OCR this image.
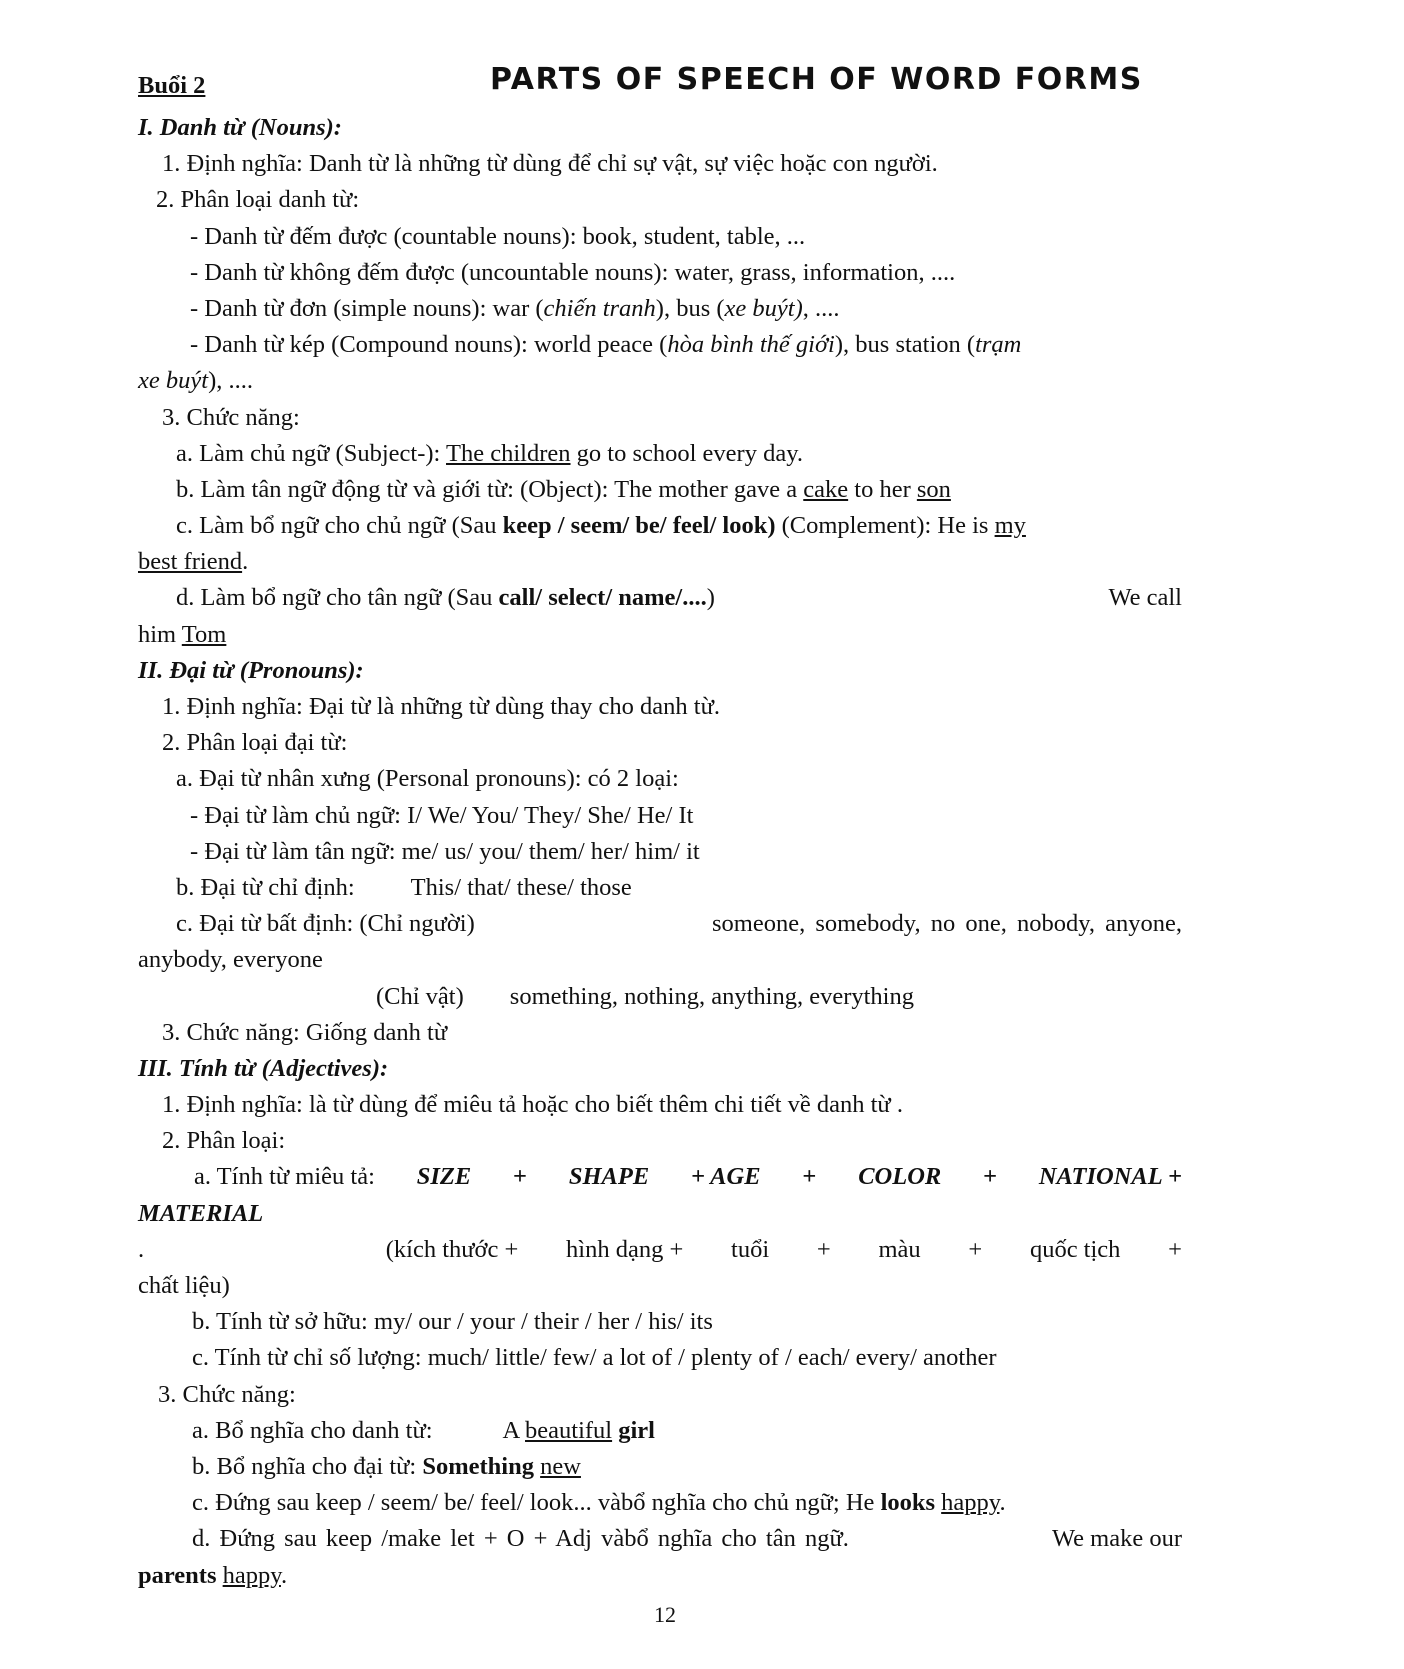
Buổi 2	PARTS OF SPEECH OF WORD FORMS
I. Danh từ (Nouns):
1. Định nghĩa: Danh từ là những từ dùng để chỉ sự vật, sự việc hoặc con người.
2. Phân loại danh từ:
- Danh từ đếm được (countable nouns): book, student, table, ...
- Danh từ không đếm được (uncountable nouns): water, grass, information, ....
- Danh từ đơn (simple nouns): war (chiến tranh), bus (xe buýt), ....
- Danh từ kép (Compound nouns): world peace (hòa bình thế giới), bus station (trạm
xe buýt), ....
3. Chức năng:
a. Làm chủ ngữ (Subject-): The children go to school every day.
b. Làm tân ngữ động từ và giới từ: (Object): The mother gave a cake to her son
c. Làm bổ ngữ cho chủ ngữ (Sau keep / seem/ be/ feel/ look) (Complement): He is my
best friend.
d. Làm bổ ngữ cho tân ngữ (Sau call/ select/ name/....)	We call
him Tom
II. Đại từ (Pronouns):
1. Định nghĩa: Đại từ là những từ dùng thay cho danh từ.
2. Phân loại đại từ:
a. Đại từ nhân xưng (Personal pronouns): có 2 loại:
- Đại từ làm chủ ngữ: I/ We/ You/ They/ She/ He/ It
- Đại từ làm tân ngữ: me/ us/ you/ them/ her/ him/ it
b. Đại từ chỉ định: This/ that/ these/ those
c. Đại từ bất định: (Chỉ người)	someone, somebody, no one, nobody, anyone,
anybody, everyone
(Chỉ vật) something, nothing, anything, everything
3. Chức năng: Giống danh từ
III. Tính từ (Adjectives):
1. Định nghĩa: là từ dùng để miêu tả hoặc cho biết thêm chi tiết về danh từ .
2. Phân loại:
a. Tính từ miêu tả: SIZE + SHAPE + AGE + COLOR + NATIONAL +
MATERIAL
.	(kích thước + hình dạng + tuổi + màu + quốc tịch +
chất liệu)
b. Tính từ sở hữu: my/ our / your / their / her / his/ its
c. Tính từ chỉ số lượng: much/ little/ few/ a lot of / plenty of / each/ every/ another
3. Chức năng:
a. Bổ nghĩa cho danh từ:	A beautiful girl
b. Bổ nghĩa cho đại từ: Something new
c. Đứng sau keep / seem/ be/ feel/ look... vàbổ nghĩa cho chủ ngữ; He looks happy.
d. Đứng sau keep /make let + O + Adj vàbổ nghĩa cho tân ngữ.	We make our
parents happy.
12
